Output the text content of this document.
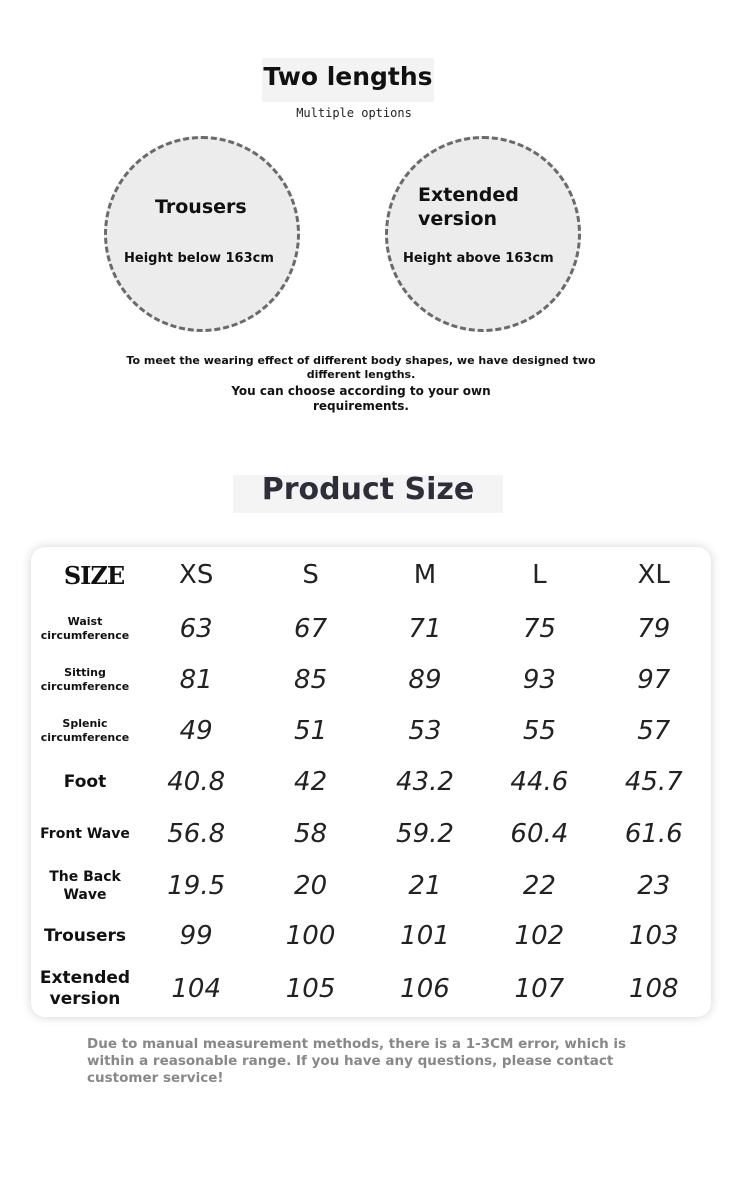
Two lengths
Multiple options
Trousers
Height below 163cm
Extended version
Height above 163cm
To meet the wearing effect of different body shapes, we have designed two different lengths.
You can choose according to your own requirements.
Product Size
SIZE	XS	S	M	L	XL
Waist circumference	63	67	71	75	79
Sitting circumference	81	85	89	93	97
Splenic circumference	49	51	53	55	57
Foot	40.8	42	43.2	44.6	45.7
Front Wave	56.8	58	59.2	60.4	61.6
The Back Wave	19.5	20	21	22	23
Trousers	99	100	101	102	103
Extended version	104	105	106	107	108
Due to manual measurement methods, there is a 1-3CM error, which is within a reasonable range. If you have any questions, please contact customer service!
